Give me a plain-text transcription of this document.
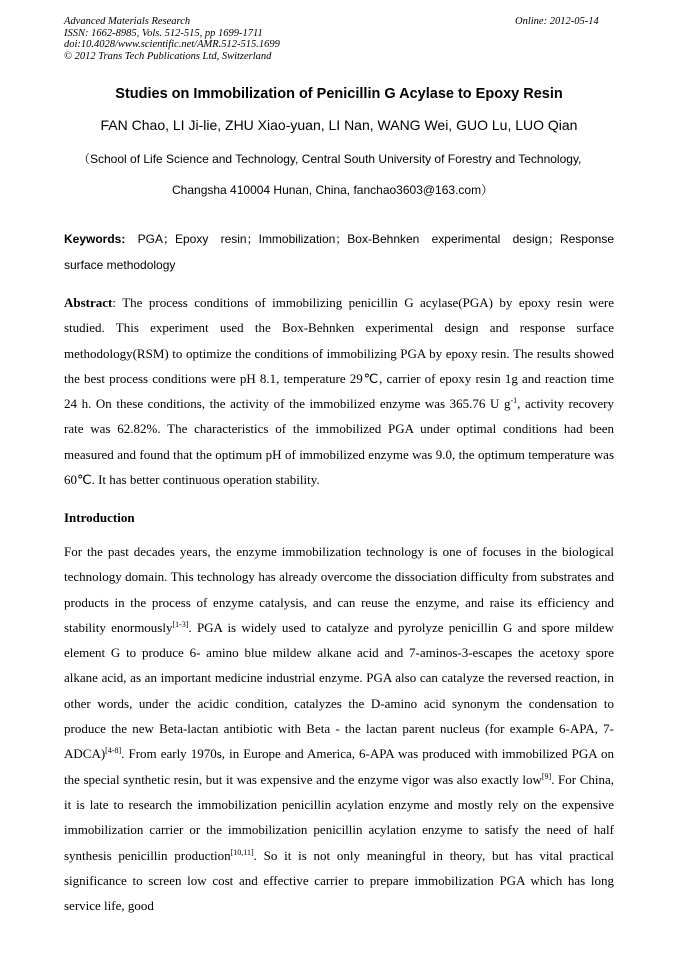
Advanced Materials Research
ISSN: 1662-8985, Vols. 512-515, pp 1699-1711
doi:10.4028/www.scientific.net/AMR.512-515.1699
© 2012 Trans Tech Publications Ltd, Switzerland
Online: 2012-05-14
Studies on Immobilization of Penicillin G Acylase to Epoxy Resin
FAN Chao, LI Ji-lie, ZHU Xiao-yuan, LI Nan, WANG Wei, GUO Lu, LUO Qian
（School of Life Science and Technology, Central South University of Forestry and Technology,
Changsha 410004 Hunan, China, fanchao3603@163.com）
Keywords: PGA；Epoxy resin；Immobilization；Box-Behnken experimental design；Response surface methodology
Abstract: The process conditions of immobilizing penicillin G acylase(PGA) by epoxy resin were studied. This experiment used the Box-Behnken experimental design and response surface methodology(RSM) to optimize the conditions of immobilizing PGA by epoxy resin. The results showed the best process conditions were pH 8.1, temperature 29℃, carrier of epoxy resin 1g and reaction time 24 h. On these conditions, the activity of the immobilized enzyme was 365.76 U $g^{-1}$, activity recovery rate was 62.82%. The characteristics of the immobilized PGA under optimal conditions had been measured and found that the optimum pH of immobilized enzyme was 9.0, the optimum temperature was 60℃. It has better continuous operation stability.
Introduction
For the past decades years, the enzyme immobilization technology is one of focuses in the biological technology domain. This technology has already overcome the dissociation difficulty from substrates and products in the process of enzyme catalysis, and can reuse the enzyme, and raise its efficiency and stability enormously[1-3]. PGA is widely used to catalyze and pyrolyze penicillin G and spore mildew element G to produce 6- amino blue mildew alkane acid and 7-aminos-3-escapes the acetoxy spore alkane acid, as an important medicine industrial enzyme. PGA also can catalyze the reversed reaction, in other words, under the acidic condition, catalyzes the D-amino acid synonym the condensation to produce the new Beta-lactan antibiotic with Beta - the lactan parent nucleus (for example 6-APA, 7-ADCA)[4-8]. From early 1970s, in Europe and America, 6-APA was produced with immobilized PGA on the special synthetic resin, but it was expensive and the enzyme vigor was also exactly low[9]. For China, it is late to research the immobilization penicillin acylation enzyme and mostly rely on the expensive immobilization carrier or the immobilization penicillin acylation enzyme to satisfy the need of half synthesis penicillin production[10,11]. So it is not only meaningful in theory, but has vital practical significance to screen low cost and effective carrier to prepare immobilization PGA which has long service life, good
